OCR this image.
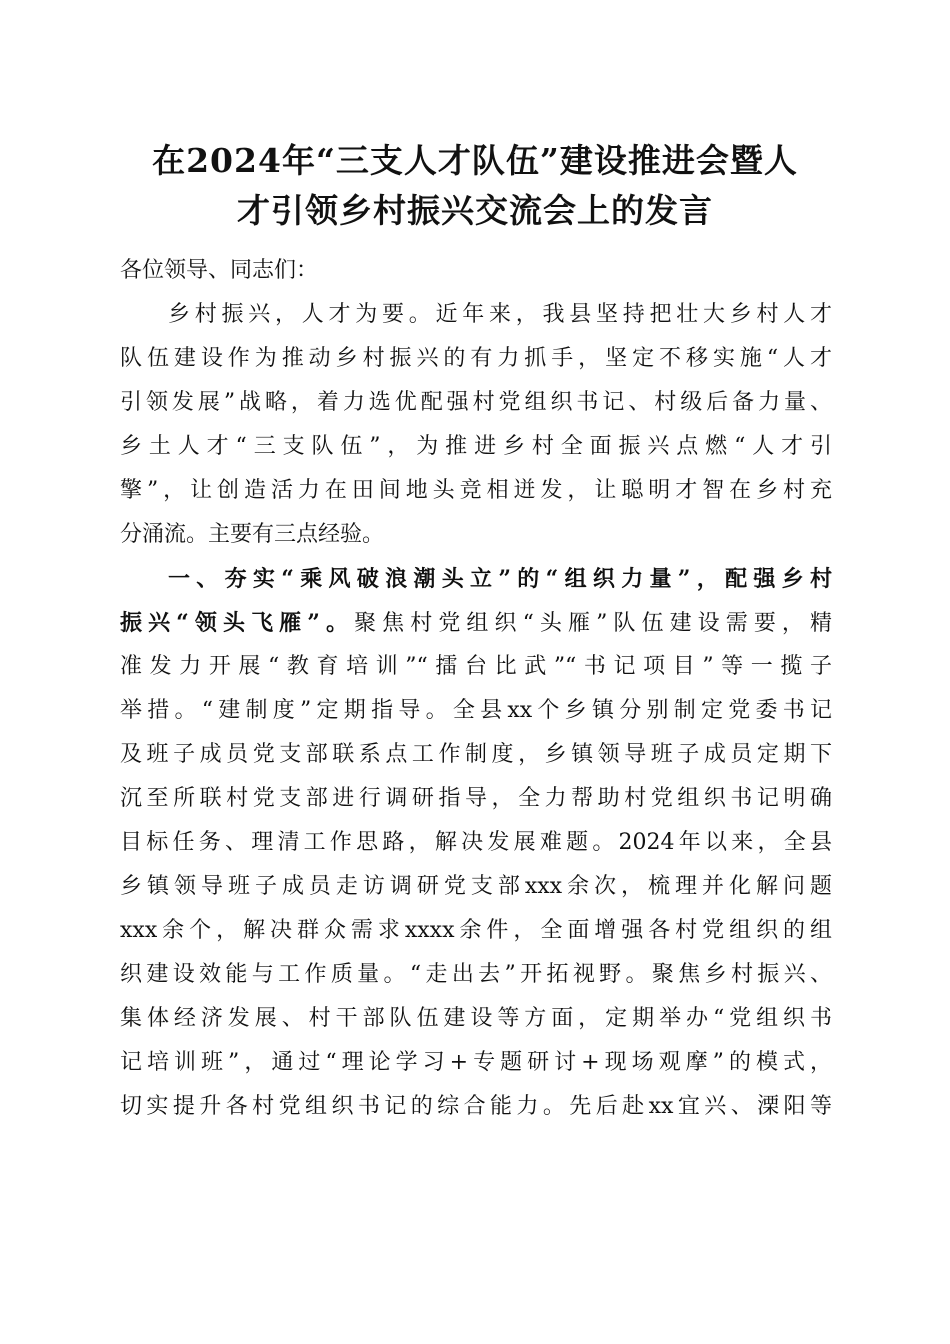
在2024年“三支人才队伍”建设推进会暨人
才引领乡村振兴交流会上的发言
各位领导、同志们：
乡村振兴，人才为要。近年来，我县坚持把壮大乡村人才
队伍建设作为推动乡村振兴的有力抓手，坚定不移实施“人才
引领发展”战略，着力选优配强村党组织书记、村级后备力量、
乡土人才“三支队伍”，为推进乡村全面振兴点燃“人才引
擎”，让创造活力在田间地头竞相迸发，让聪明才智在乡村充
分涌流。主要有三点经验。
一、夯实“乘风破浪潮头立”的“组织力量”，配强乡村
振兴“领头飞雁”。聚焦村党组织“头雁”队伍建设需要，精
准发力开展“教育培训”“擂台比武”“书记项目”等一揽子
举措。“建制度”定期指导。全县xx个乡镇分别制定党委书记
及班子成员党支部联系点工作制度，乡镇领导班子成员定期下
沉至所联村党支部进行调研指导，全力帮助村党组织书记明确
目标任务、理清工作思路，解决发展难题。2024年以来，全县
乡镇领导班子成员走访调研党支部xxx余次，梳理并化解问题
xxx余个，解决群众需求xxxx余件，全面增强各村党组织的组
织建设效能与工作质量。“走出去”开拓视野。聚焦乡村振兴、
集体经济发展、村干部队伍建设等方面，定期举办“党组织书
记培训班”，通过“理论学习+专题研讨+现场观摩”的模式，
切实提升各村党组织书记的综合能力。先后赴xx宜兴、溧阳等
